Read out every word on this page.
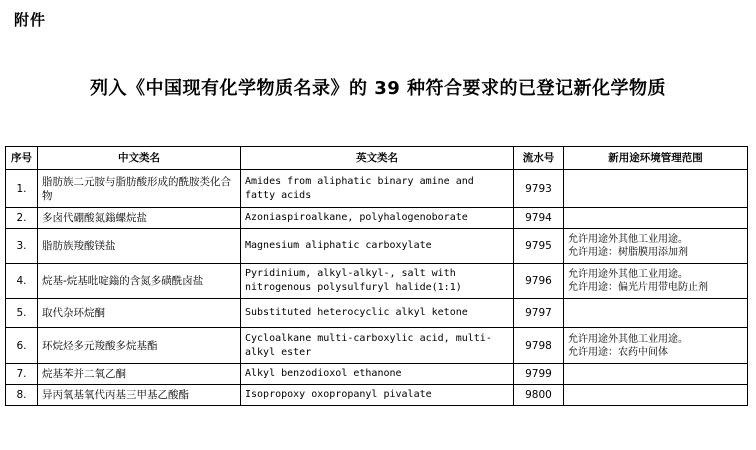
附件
列入《中国现有化学物质名录》的 39 种符合要求的已登记新化学物质
序号	中文类名	英文类名	流水号	新用途环境管理范围
1.	脂肪族二元胺与脂肪酸形成的酰胺类化合物	Amides from aliphatic binary amine and fatty acids	9793	

2.	多卤代硼酸氮鎓螺烷盐	Azoniaspiroalkane, polyhalogenoborate	9794	

3.	脂肪族羧酸镁盐	Magnesium aliphatic carboxylate	9795	允许用途外其他工业用途。
允许用途：树脂膜用添加剂

4.	烷基-烷基吡啶鎓的含氮多磺酰卤盐	Pyridinium, alkyl-alkyl-, salt with nitrogenous polysulfuryl halide(1:1)	9796	允许用途外其他工业用途。
允许用途：偏光片用带电防止剂

5.	取代杂环烷酮	Substituted heterocyclic alkyl ketone	9797	

6.	环烷烃多元羧酸多烷基酯	Cycloalkane multi-carboxylic acid, multi-alkyl ester	9798	允许用途外其他工业用途。
允许用途：农药中间体

7.	烷基苯并二氧乙酮	Alkyl benzodioxol ethanone	9799	

8.	异丙氧基氧代丙基三甲基乙酸酯	Isopropoxy oxopropanyl pivalate	9800	
